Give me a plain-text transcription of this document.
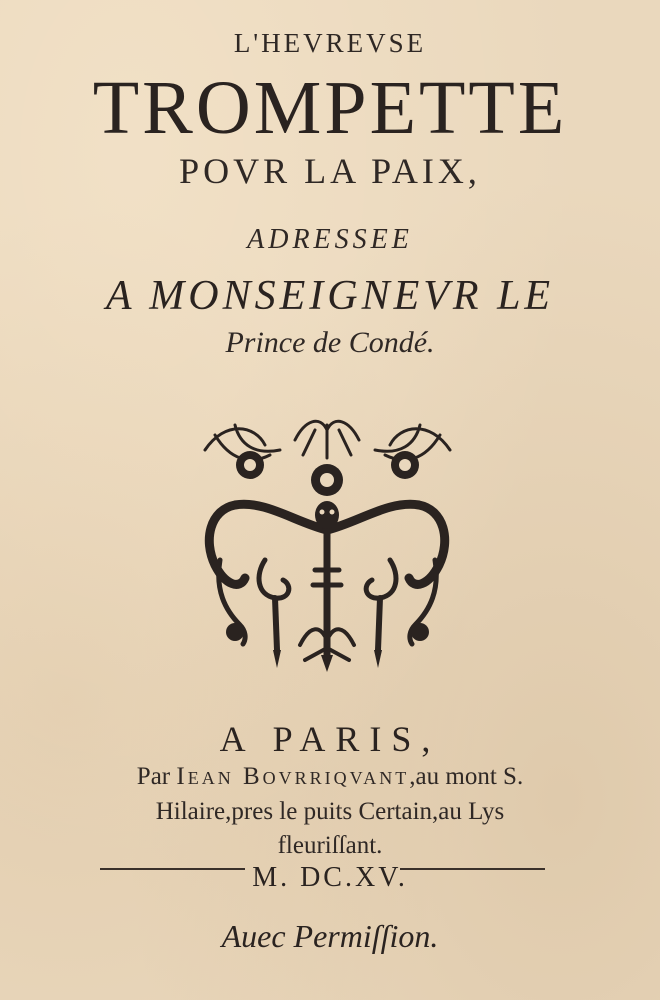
L'HEVREVSE
TROMPETTE
POVR LA PAIX,
ADRESSEE
A MONSEIGNEVR LE
Prince de Condé.
A PARIS,
Par Iean Bovrriqvant,au mont S.
Hilaire,pres le puits Certain,au Lys
fleuriſſant.
M. DC.XV.
Auec Permiſſion.
